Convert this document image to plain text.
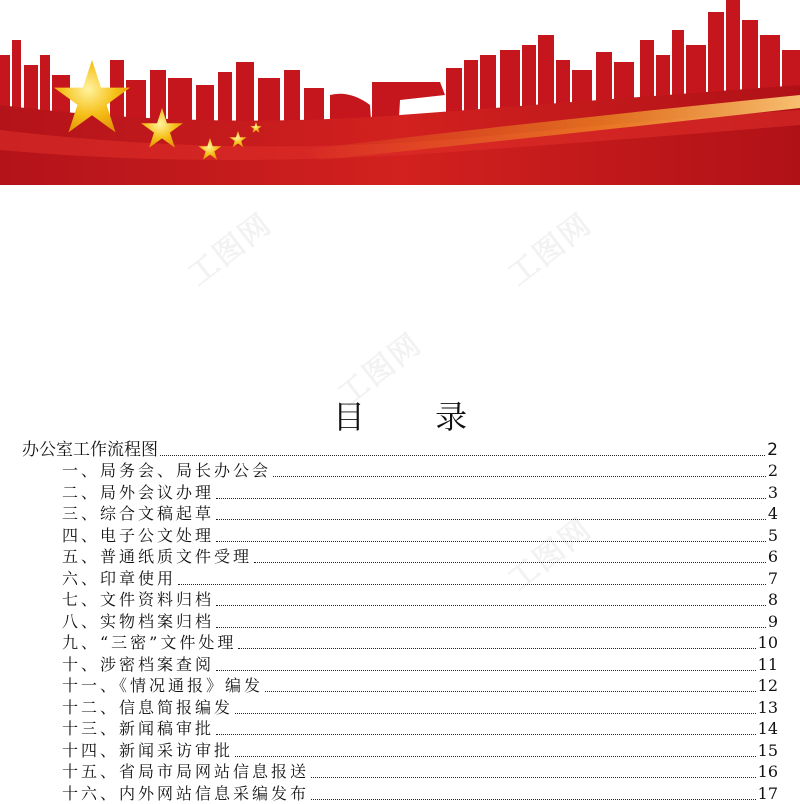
工图网	工图网
工图网
工图网
目 录
办公室工作流程图	2
一、局务会、局长办公会	2
二、局外会议办理	3
三、综合文稿起草	4
四、电子公文处理	5
五、普通纸质文件受理	6
六、印章使用	7
七、文件资料归档	8
八、实物档案归档	9
九、“三密”文件处理	10
十、涉密档案查阅	11
十一、《情况通报》编发	12
十二、信息简报编发	13
十三、新闻稿审批	14
十四、新闻采访审批	15
十五、省局市局网站信息报送	16
十六、内外网站信息采编发布	17
